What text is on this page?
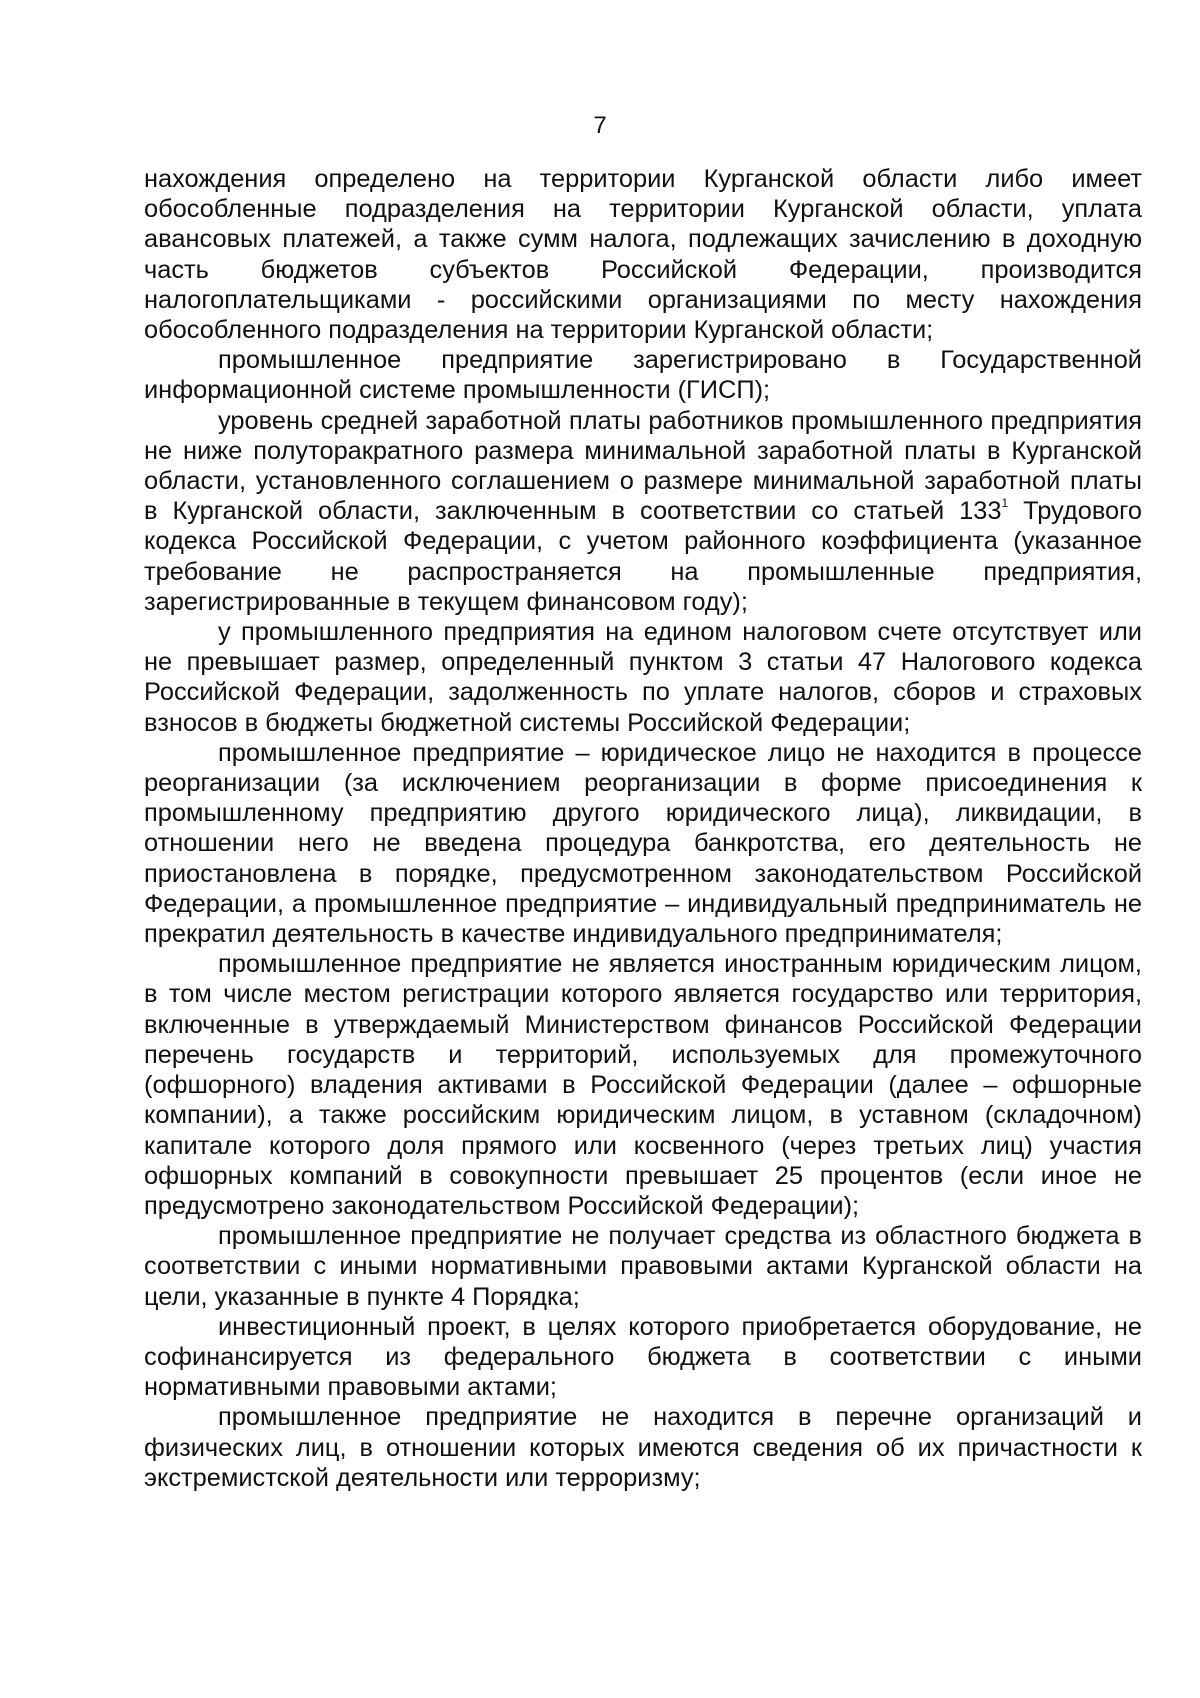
7

нахождения определено на территории Курганской области либо имеет обособленные подразделения на территории Курганской области, уплата авансовых платежей, а также сумм налога, подлежащих зачислению в доходную часть бюджетов субъектов Российской Федерации, производится налогоплательщиками - российскими организациями по месту нахождения обособленного подразделения на территории Курганской области;

промышленное предприятие зарегистрировано в Государственной информационной системе промышленности (ГИСП);

уровень средней заработной платы работников промышленного предприятия не ниже полуторакратного размера минимальной заработной платы в Курганской области, установленного соглашением о размере минимальной заработной платы в Курганской области, заключенным в соответствии со статьей $133^1$ Трудового кодекса Российской Федерации, с учетом районного коэффициента (указанное требование не распространяется на промышленные предприятия, зарегистрированные в текущем финансовом году);

у промышленного предприятия на едином налоговом счете отсутствует или не превышает размер, определенный пунктом 3 статьи 47 Налогового кодекса Российской Федерации, задолженность по уплате налогов, сборов и страховых взносов в бюджеты бюджетной системы Российской Федерации;

промышленное предприятие – юридическое лицо не находится в процессе реорганизации (за исключением реорганизации в форме присоединения к промышленному предприятию другого юридического лица), ликвидации, в отношении него не введена процедура банкротства, его деятельность не приостановлена в порядке, предусмотренном законодательством Российской Федерации, а промышленное предприятие – индивидуальный предприниматель не прекратил деятельность в качестве индивидуального предпринимателя;

промышленное предприятие не является иностранным юридическим лицом, в том числе местом регистрации которого является государство или территория, включенные в утверждаемый Министерством финансов Российской Федерации перечень государств и территорий, используемых для промежуточного (офшорного) владения активами в Российской Федерации (далее – офшорные компании), а также российским юридическим лицом, в уставном (складочном) капитале которого доля прямого или косвенного (через третьих лиц) участия офшорных компаний в совокупности превышает 25 процентов (если иное не предусмотрено законодательством Российской Федерации);

промышленное предприятие не получает средства из областного бюджета в соответствии с иными нормативными правовыми актами Курганской области на цели, указанные в пункте 4 Порядка;

инвестиционный проект, в целях которого приобретается оборудование, не софинансируется из федерального бюджета в соответствии с иными нормативными правовыми актами;

промышленное предприятие не находится в перечне организаций и физических лиц, в отношении которых имеются сведения об их причастности к экстремистской деятельности или терроризму;
